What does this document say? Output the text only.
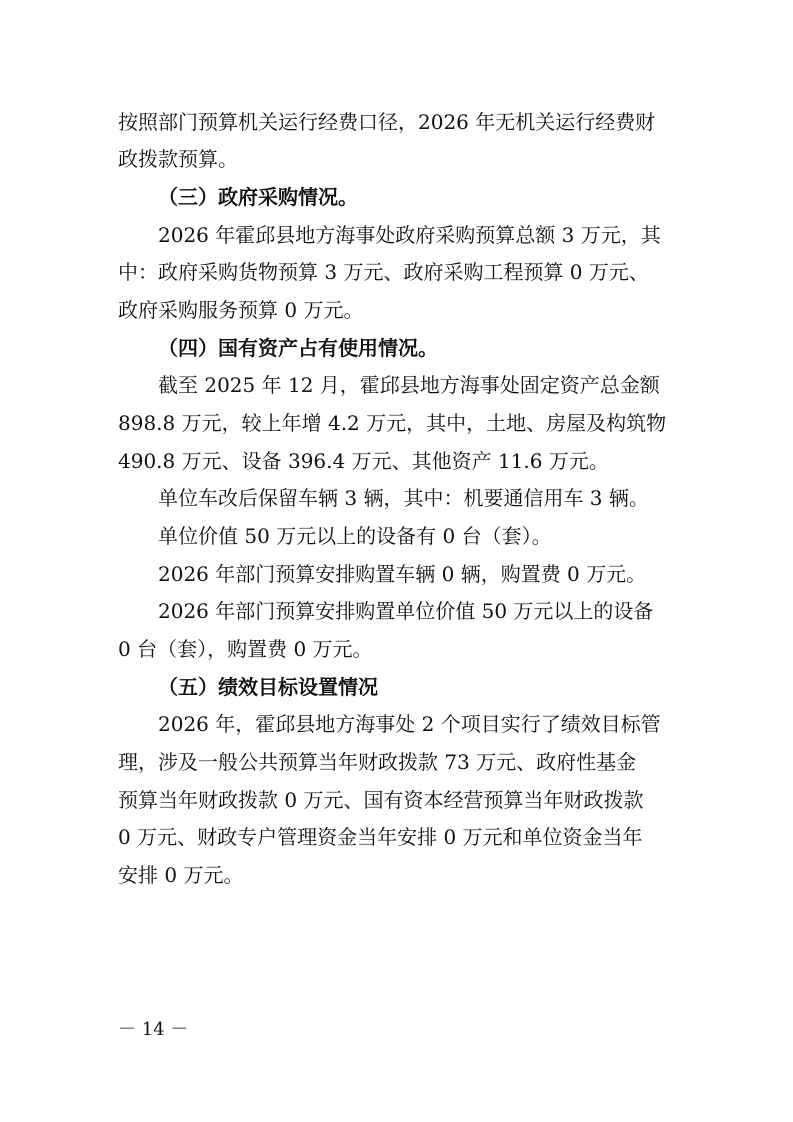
按照部门预算机关运行经费口径，2026 年无机关运行经费财
政拨款预算。
（三）政府采购情况。
2026 年霍邱县地方海事处政府采购预算总额 3 万元，其
中：政府采购货物预算 3 万元、政府采购工程预算 0 万元、
政府采购服务预算 0 万元。
（四）国有资产占有使用情况。
截至 2025 年 12 月，霍邱县地方海事处固定资产总金额
898.8 万元，较上年增 4.2 万元，其中，土地、房屋及构筑物
490.8 万元、设备 396.4 万元、其他资产 11.6 万元。
单位车改后保留车辆 3 辆，其中：机要通信用车 3 辆。
单位价值 50 万元以上的设备有 0 台（套）。
2026 年部门预算安排购置车辆 0 辆，购置费 0 万元。
2026 年部门预算安排购置单位价值 50 万元以上的设备
0 台（套），购置费 0 万元。
（五）绩效目标设置情况
2026 年，霍邱县地方海事处 2 个项目实行了绩效目标管
理，涉及一般公共预算当年财政拨款 73 万元、政府性基金
预算当年财政拨款 0 万元、国有资本经营预算当年财政拨款
0 万元、财政专户管理资金当年安排 0 万元和单位资金当年
安排 0 万元。
－ 14 －
